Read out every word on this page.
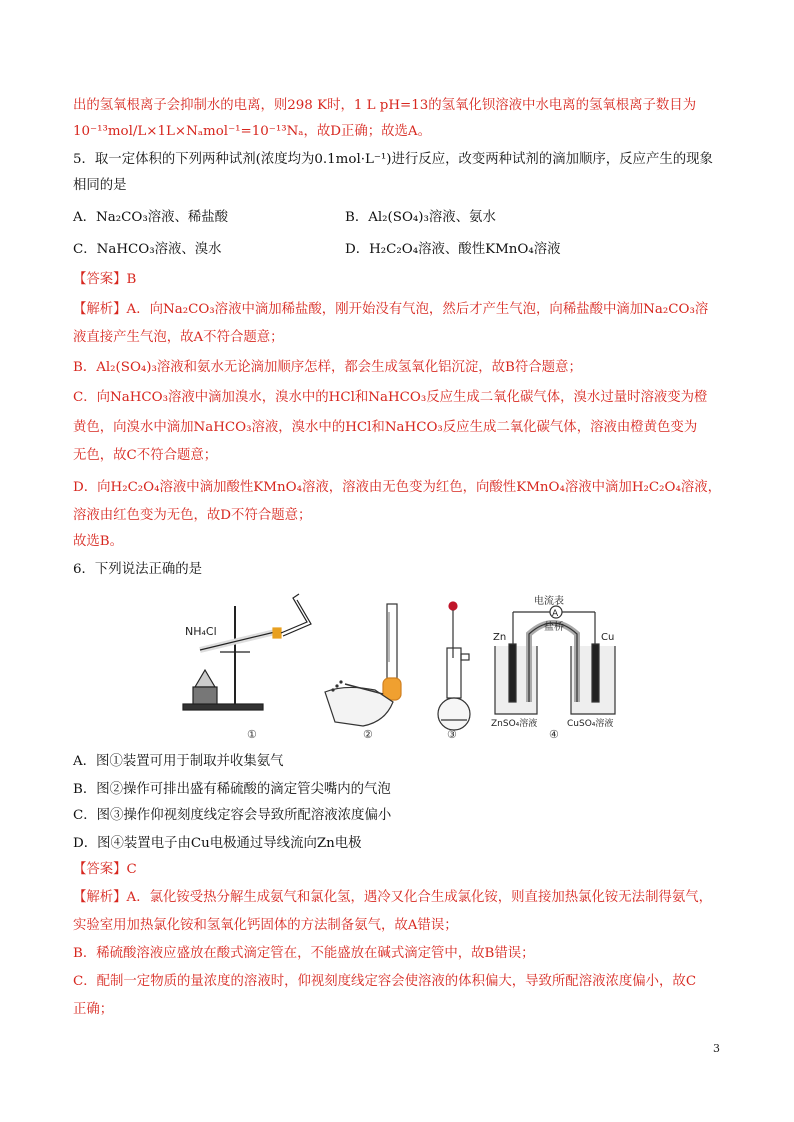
出的氢氧根离子会抑制水的电离，则298 K时，1 L pH=13的氢氧化钡溶液中水电离的氢氧根离子数目为
10⁻¹³mol/L×1L×Nₐmol⁻¹=10⁻¹³Nₐ，故D正确；故选A。
5．取一定体积的下列两种试剂(浓度均为0.1mol·L⁻¹)进行反应，改变两种试剂的滴加顺序，反应产生的现象
相同的是
A．Na₂CO₃溶液、稀盐酸	B．Al₂(SO₄)₃溶液、氨水
C．NaHCO₃溶液、溴水	D．H₂C₂O₄溶液、酸性KMnO₄溶液
【答案】B
【解析】A．向Na₂CO₃溶液中滴加稀盐酸，刚开始没有气泡，然后才产生气泡，向稀盐酸中滴加Na₂CO₃溶
液直接产生气泡，故A不符合题意；
B．Al₂(SO₄)₃溶液和氨水无论滴加顺序怎样，都会生成氢氧化铝沉淀，故B符合题意；
C．向NaHCO₃溶液中滴加溴水，溴水中的HCl和NaHCO₃反应生成二氧化碳气体，溴水过量时溶液变为橙
黄色，向溴水中滴加NaHCO₃溶液，溴水中的HCl和NaHCO₃反应生成二氧化碳气体，溶液由橙黄色变为
无色，故C不符合题意；
D．向H₂C₂O₄溶液中滴加酸性KMnO₄溶液，溶液由无色变为红色，向酸性KMnO₄溶液中滴加H₂C₂O₄溶液，
溶液由红色变为无色，故D不符合题意；
故选B。
6．下列说法正确的是
NH₄Cl
①	②	③
电流表
A
盐桥
Zn	Cu
ZnSO₄溶液	CuSO₄溶液
④
A．图①装置可用于制取并收集氨气
B．图②操作可排出盛有稀硫酸的滴定管尖嘴内的气泡
C．图③操作仰视刻度线定容会导致所配溶液浓度偏小
D．图④装置电子由Cu电极通过导线流向Zn电极
【答案】C
【解析】A．氯化铵受热分解生成氨气和氯化氢，遇冷又化合生成氯化铵，则直接加热氯化铵无法制得氨气，
实验室用加热氯化铵和氢氧化钙固体的方法制备氨气，故A错误；
B．稀硫酸溶液应盛放在酸式滴定管在，不能盛放在碱式滴定管中，故B错误；
C．配制一定物质的量浓度的溶液时，仰视刻度线定容会使溶液的体积偏大，导致所配溶液浓度偏小，故C
正确；
3
